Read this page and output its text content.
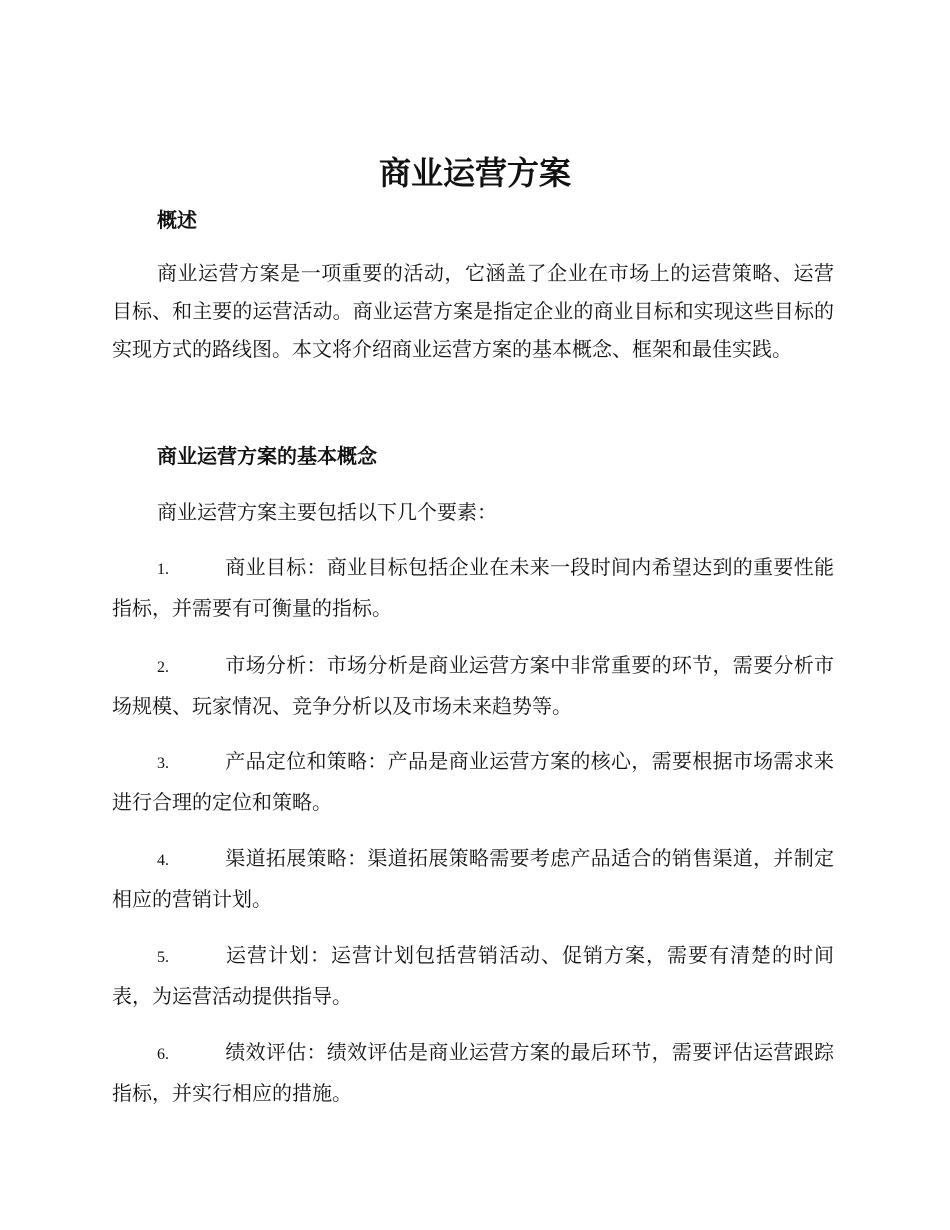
商业运营方案
概述

商业运营方案是一项重要的活动，它涵盖了企业在市场上的运营策略、运营目标、和主要的运营活动。商业运营方案是指定企业的商业目标和实现这些目标的实现方式的路线图。本文将介绍商业运营方案的基本概念、框架和最佳实践。

商业运营方案的基本概念

商业运营方案主要包括以下几个要素：

1.	商业目标：商业目标包括企业在未来一段时间内希望达到的重要性能指标，并需要有可衡量的指标。

2.	市场分析：市场分析是商业运营方案中非常重要的环节，需要分析市场规模、玩家情况、竞争分析以及市场未来趋势等。

3.	产品定位和策略：产品是商业运营方案的核心，需要根据市场需求来进行合理的定位和策略。

4.	渠道拓展策略：渠道拓展策略需要考虑产品适合的销售渠道，并制定相应的营销计划。

5.	运营计划：运营计划包括营销活动、促销方案，需要有清楚的时间表，为运营活动提供指导。

6.	绩效评估：绩效评估是商业运营方案的最后环节，需要评估运营跟踪指标，并实行相应的措施。
